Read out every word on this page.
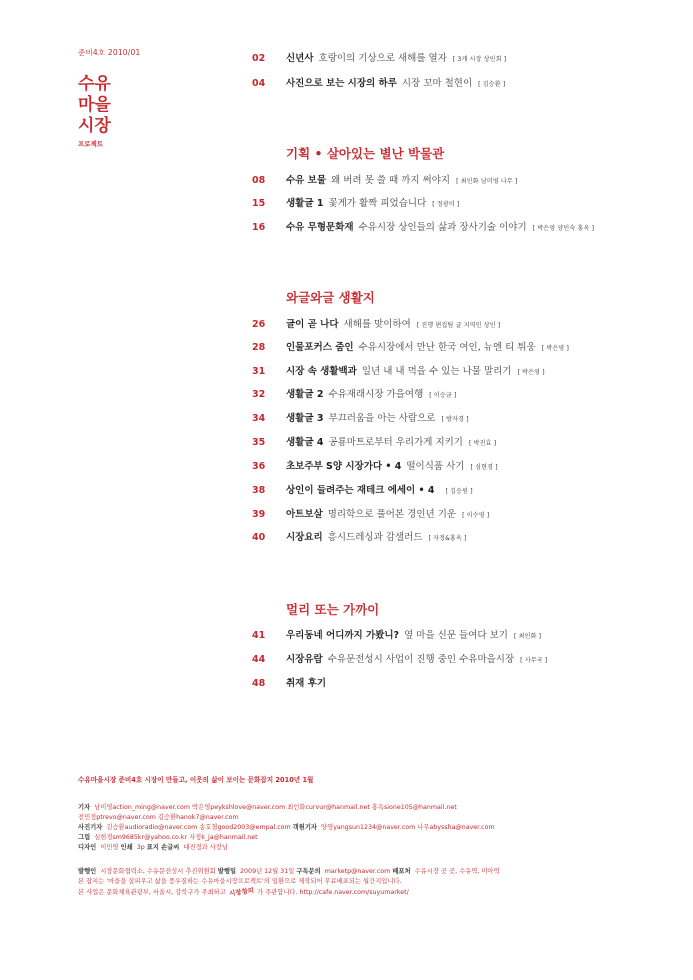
준비4호 2010/01
수유
마을
시장
프로젝트
02	신년사 호랑이의 기상으로 새해를 열자 [ 3개 시장 상인회 ]
04	사진으로 보는 시장의 하루 시장 꼬마 철현이 [ 김승환 ]
기획 • 살아있는 별난 박물관
08	수유 보물 왜 버려 못 쓸 때 까지 써야지 [ 최인화 남미영 나무 ]
15	생활글 1 꽃게가 활짝 피었습니다 [ 정광미 ]
16	수유 무형문화재 수유시장 상인들의 삶과 장사기술 이야기 [ 박은영 양인숙 홍옥 ]
와글와글 생활지
26	글이 곧 나다 새해를 맞이하여 [ 진행 편집팀 글 지역민 상인 ]
28	인물포커스 줌인 수유시장에서 만난 한국 여인, 뉴엔 티 튀웅 [ 박은영 ]
31	시장 속 생활백과 일년 내 내 먹을 수 있는 나물 말리기 [ 박은영 ]
32	생활글 2 수유재래시장 가을여행 [ 이승금 ]
34	생활글 3 부끄러움을 아는 사람으로 [ 방자경 ]
35	생활글 4 공룡마트로부터 우리가게 지키기 [ 박진효 ]
36	초보주부 S양 시장가다 • 4 떨이식품 사기 [ 심현경 ]
38	상인이 들려주는 재테크 에세이 • 4 [ 김승원 ]
39	아트보살 명리학으로 풀어본 경인년 기운 [ 이수영 ]
40	시장요리 흥시드레싱과 감샐러드 [ 자정&홍옥 ]
멀리 또는 가까이
41	우리동네 어디까지 가봤니? 옆 마을 신문 들여다 보기 [ 최인화 ]
44	시장유람 수유문전성시 사업이 진행 중인 수유마을시장 [ 사무국 ]
48	취재 후기
수유마을시장 준비4호 시장이 만들고, 이웃의 삶이 보이는 문화잡지 2010년 1월
기자 남미영action_ming@naver.com 박은영peykshlove@naver.com 최인화curvur@hanmail.net 홍옥sione105@hanmail.net
전민정ptrevo@naver.com 김승환hanok7@naver.com
사진기자 김승환audioradio@naver.com 송호철good2003@empal.com 객원기자 양영yangsun1234@naver.com 나무abyssha@naver.com
그림 심현경sm9685kr@yahoo.co.kr 자정k_ja@hanmail.net
디자인 이민영 인쇄 3p 표지 손글씨 대진정과 사장님
발행인 시장문화협력소, 수유문전성시 추진위원회 발행일 2009년 12월 31일 구독문의 marketp@naver.com 배포처 수유시장 곳 곳, 수유역, 미아역
본 잡지는 '마을을 살피우고 삶을 풍우질하는 수유마을시장프로젝트'의 일환으로 제작되어 무료배포되는 월간지입니다.
본 사업은 문화체육관광부, 서울시, 강북구가 주최하고 시장창의 가 주관합니다. http://cafe.naver.com/suyumarket/
